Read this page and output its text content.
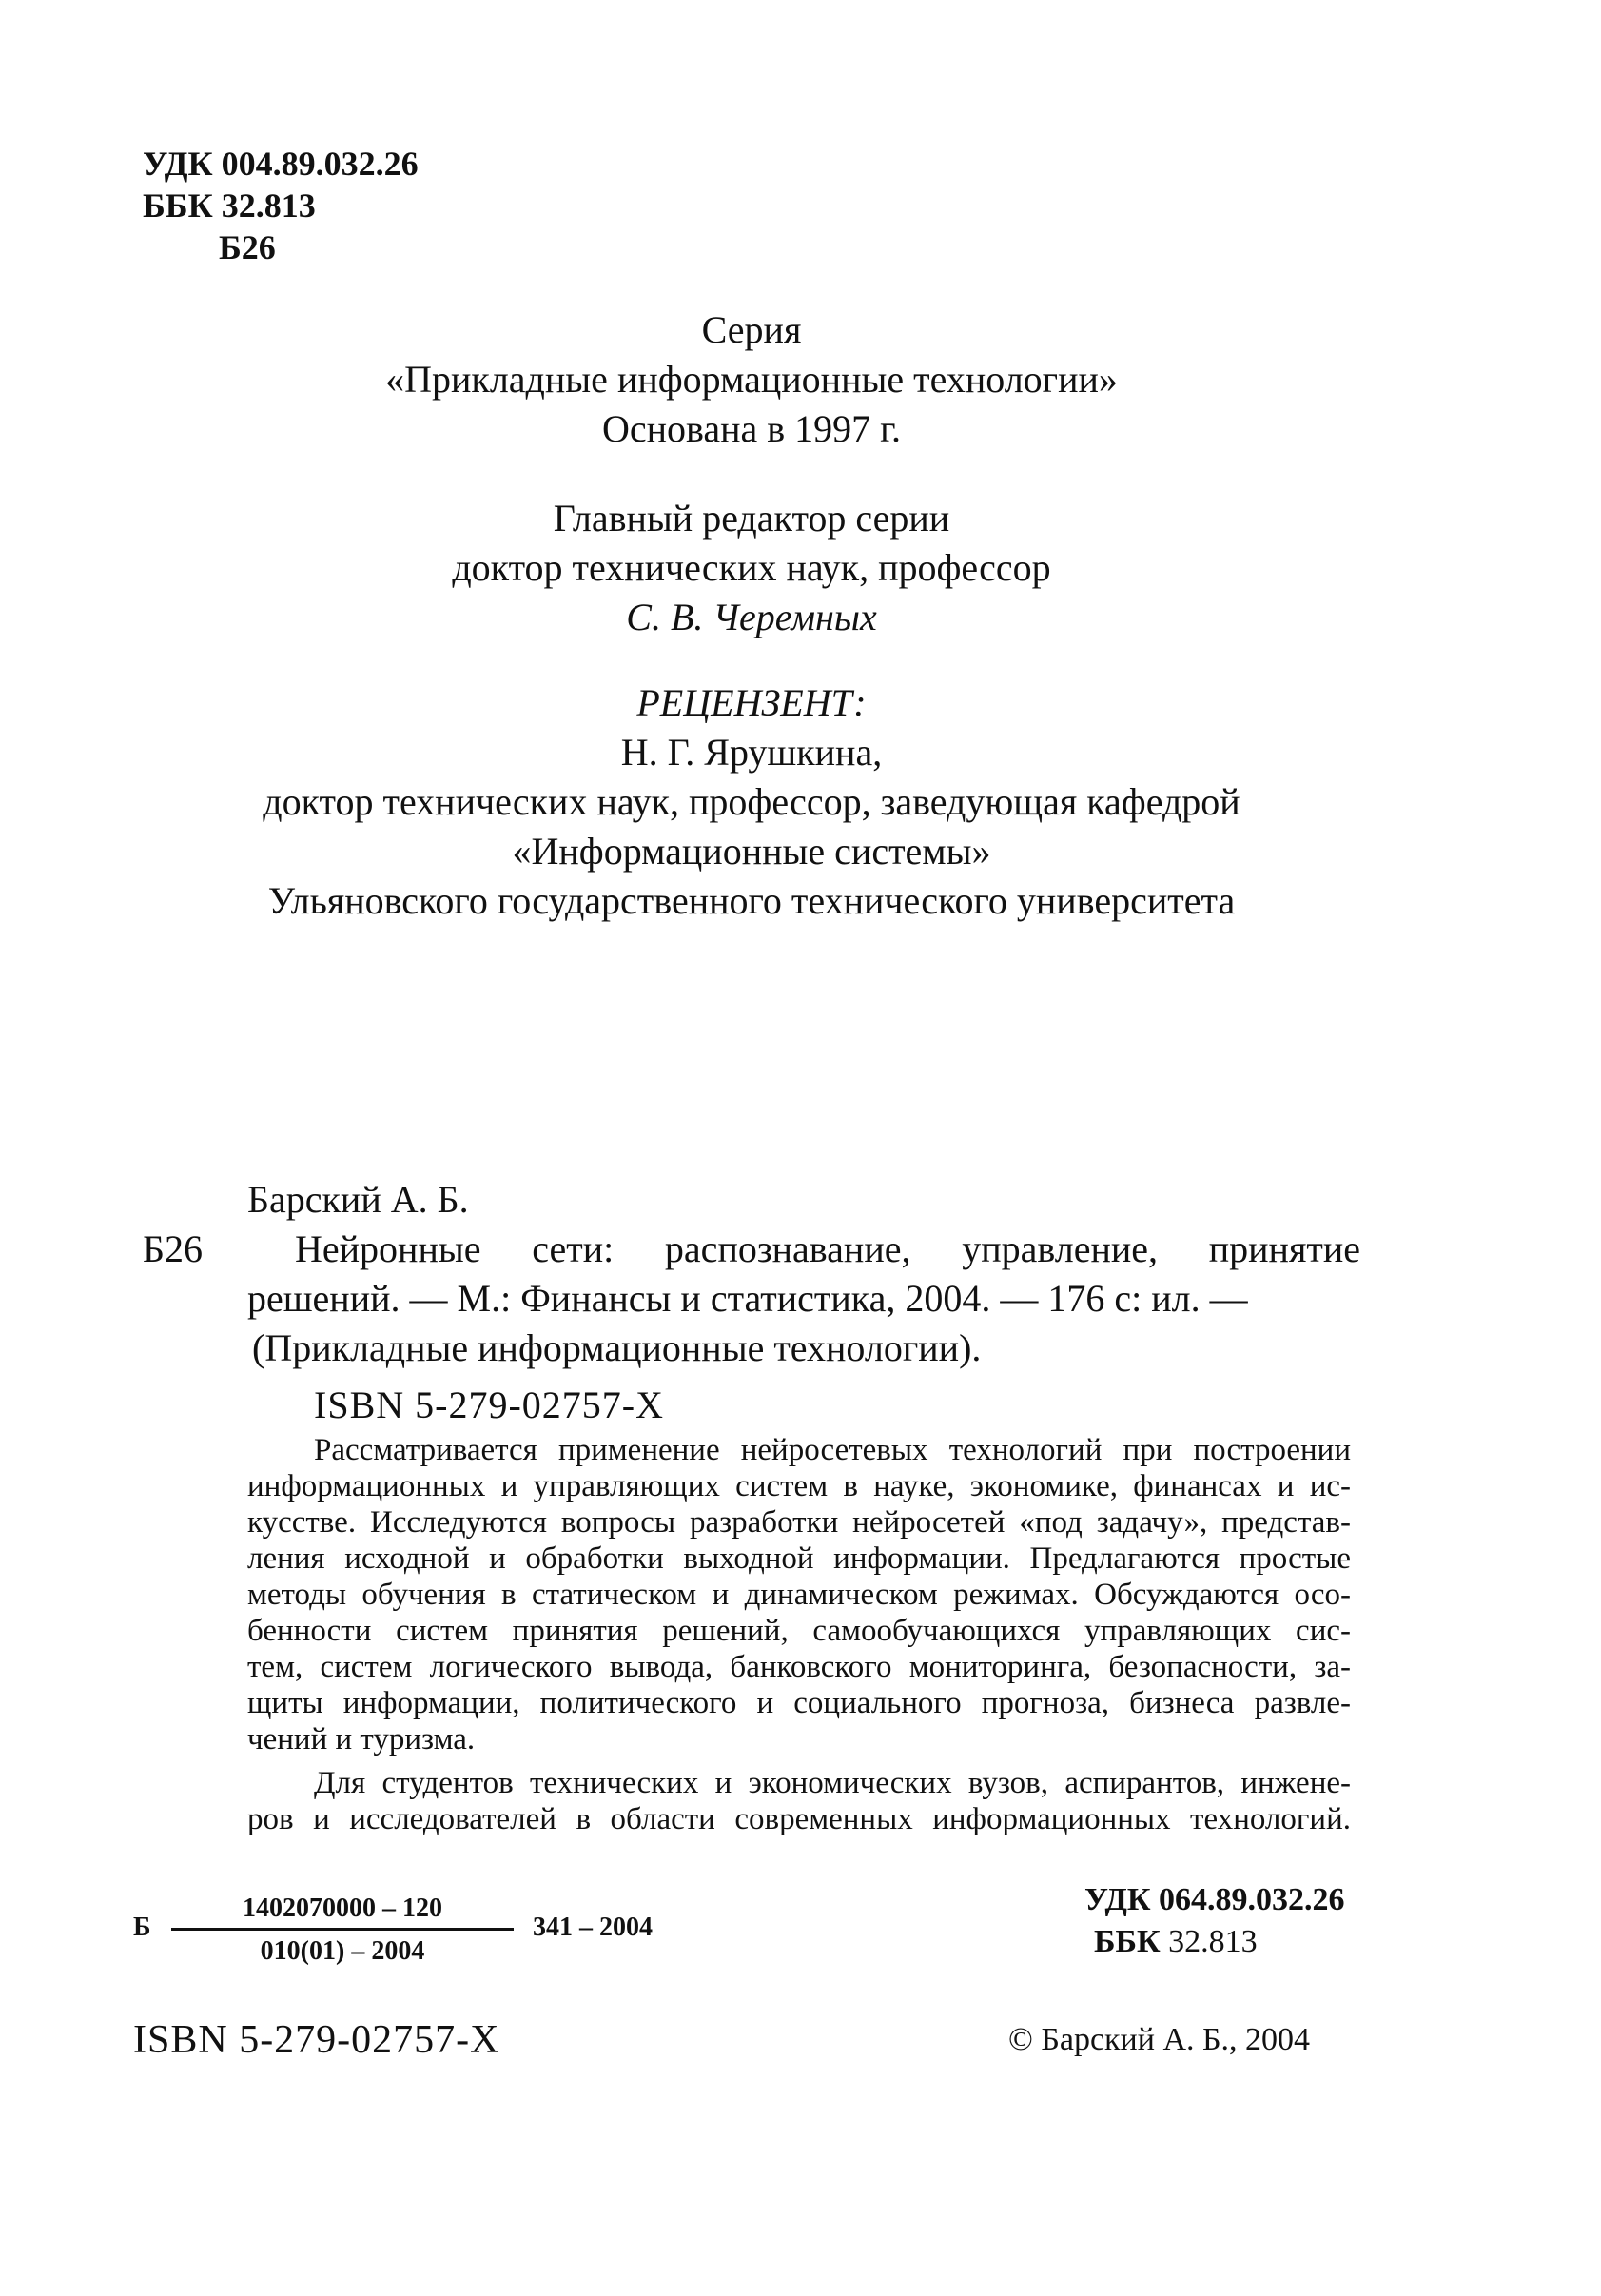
УДК 004.89.032.26
ББК 32.813
Б26
Серия
«Прикладные информационные технологии»
Основана в 1997 г.
Главный редактор серии
доктор технических наук, профессор
С. В. Черемных
РЕЦЕНЗЕНТ:
Н. Г. Ярушкина,
доктор технических наук, профессор, заведующая кафедрой
«Информационные системы»
Ульяновского государственного технического университета
Барский А. Б.
Б26	Нейронные сети: распознавание, управление, принятие
решений. — М.: Финансы и статистика, 2004. — 176 с: ил. —
(Прикладные информационные технологии).
ISBN 5-279-02757-X

Рассматривается применение нейросетевых технологий при построении
информационных и управляющих систем в науке, экономике, финансах и ис-
кусстве. Исследуются вопросы разработки нейросетей «под задачу», представ-
ления исходной и обработки выходной информации. Предлагаются простые
методы обучения в статическом и динамическом режимах. Обсуждаются осо-
бенности систем принятия решений, самообучающихся управляющих сис-
тем, систем логического вывода, банковского мониторинга, безопасности, за-
щиты информации, политического и социального прогноза, бизнеса развле-
чений и туризма.

Для студентов технических и экономических вузов, аспирантов, инжене-
ров и исследователей в области современных информационных технологий.

Б $\frac{1402070000 - 120}{010(01) - 2004} 341 - 2004$
УДК 064.89.032.26
ББК 32.813
ISBN 5-279-02757-X	© Барский А. Б., 2004
